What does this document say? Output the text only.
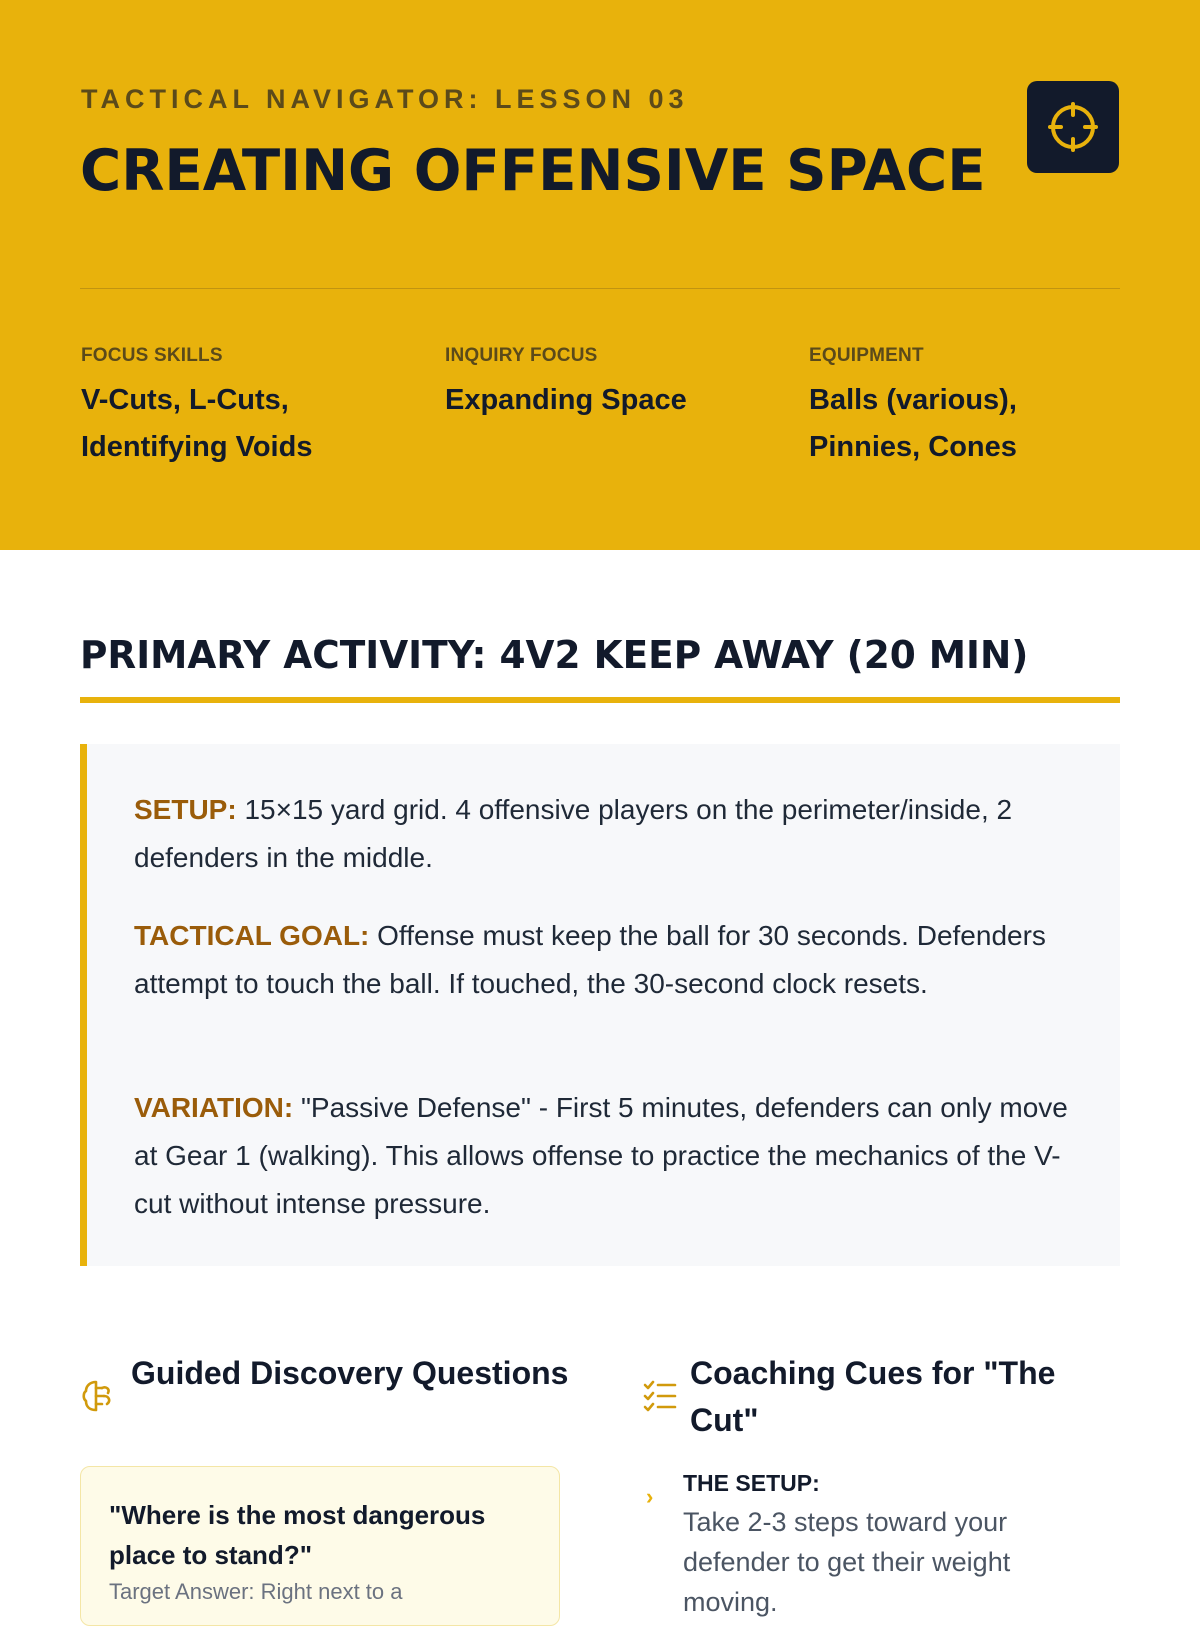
TACTICAL NAVIGATOR: LESSON 03
CREATING OFFENSIVE SPACE
FOCUS SKILLS
V-Cuts, L-Cuts, Identifying Voids
INQUIRY FOCUS
Expanding Space
EQUIPMENT
Balls (various), Pinnies, Cones
PRIMARY ACTIVITY: 4V2 KEEP AWAY (20 MIN)
SETUP: 15×15 yard grid. 4 offensive players on the perimeter/inside, 2 defenders in the middle.
TACTICAL GOAL: Offense must keep the ball for 30 seconds. Defenders attempt to touch the ball. If touched, the 30-second clock resets.
VARIATION: "Passive Defense" - First 5 minutes, defenders can only move at Gear 1 (walking). This allows offense to practice the mechanics of the V-cut without intense pressure.
Guided Discovery Questions
"Where is the most dangerous place to stand?"
Target Answer: Right next to a
Coaching Cues for "The Cut"
›
THE SETUP:
Take 2-3 steps toward your defender to get their weight moving.
